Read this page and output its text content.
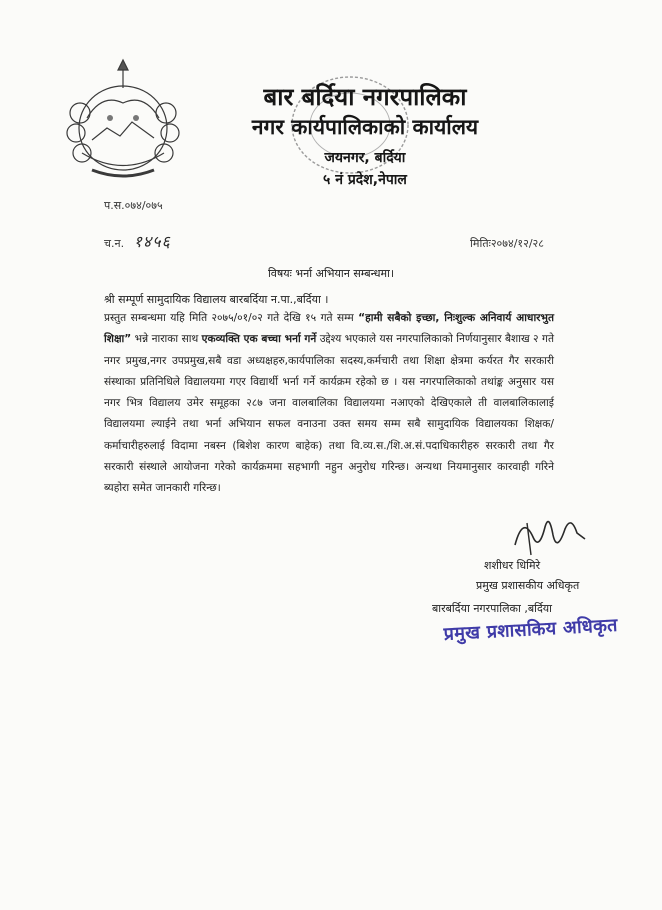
बार बर्दिया नगरपालिका
नगर कार्यपालिकाको कार्यालय
जयनगर, बर्दिया
५ नं प्रदेश,नेपाल
प.स.०७४/०७५
च.न. १४५६	मितिः२०७४/१२/२८
विषयः भर्ना अभियान सम्बन्धमा।
श्री सम्पूर्ण सामुदायिक विद्यालय बारबर्दिया न.पा.,बर्दिया ।
प्रस्तुत सम्बन्धमा यहि मिति २०७५/०१/०२ गते देखि १५ गते सम्म “हामी सबैको इच्छा, निःशुल्क अनिवार्य आधारभुत शिक्षा” भन्ने नाराका साथ एकव्यक्ति एक बच्चा भर्ना गर्ने उद्देश्य भएकाले यस नगरपालिकाको निर्णयानुसार बैशाख २ गते नगर प्रमुख,नगर उपप्रमुख,सबै वडा अध्यक्षहरु,कार्यपालिका सदस्य,कर्मचारी तथा शिक्षा क्षेत्रमा कर्यरत गैर सरकारी संस्थाका प्रतिनिधिले विद्यालयमा गएर विद्यार्थी भर्ना गर्ने कार्यक्रम रहेको छ । यस नगरपालिकाको तथांङ्क अनुसार यस नगर भित्र विद्यालय उमेर समूहका २८७ जना वालबालिका विद्यालयमा नआएको देखिएकाले ती वालबालिकालाई विद्यालयमा ल्याईने तथा भर्ना अभियान सफल वनाउना उक्त समय सम्म सबै सामुदायिक विद्यालयका शिक्षक/कर्माचारीहरुलाई विदामा नबस्न (बिशेश कारण बाहेक) तथा वि.व्य.स./शि.अ.सं.पदाधिकारीहरु सरकारी तथा गैर सरकारी संस्थाले आयोजना गरेको कार्यक्रममा सहभागी नहुन अनुरोध गरिन्छ। अन्यथा नियमानुसार कारवाही गरिने ब्यहोरा समेत जानकारी गरिन्छ।
शशीधर धिमिरे
प्रमुख प्रशासकीय अधिकृत
बारबर्दिया नगरपालिका ,बर्दिया
प्रमुख प्रशासकिय अधिकृत
